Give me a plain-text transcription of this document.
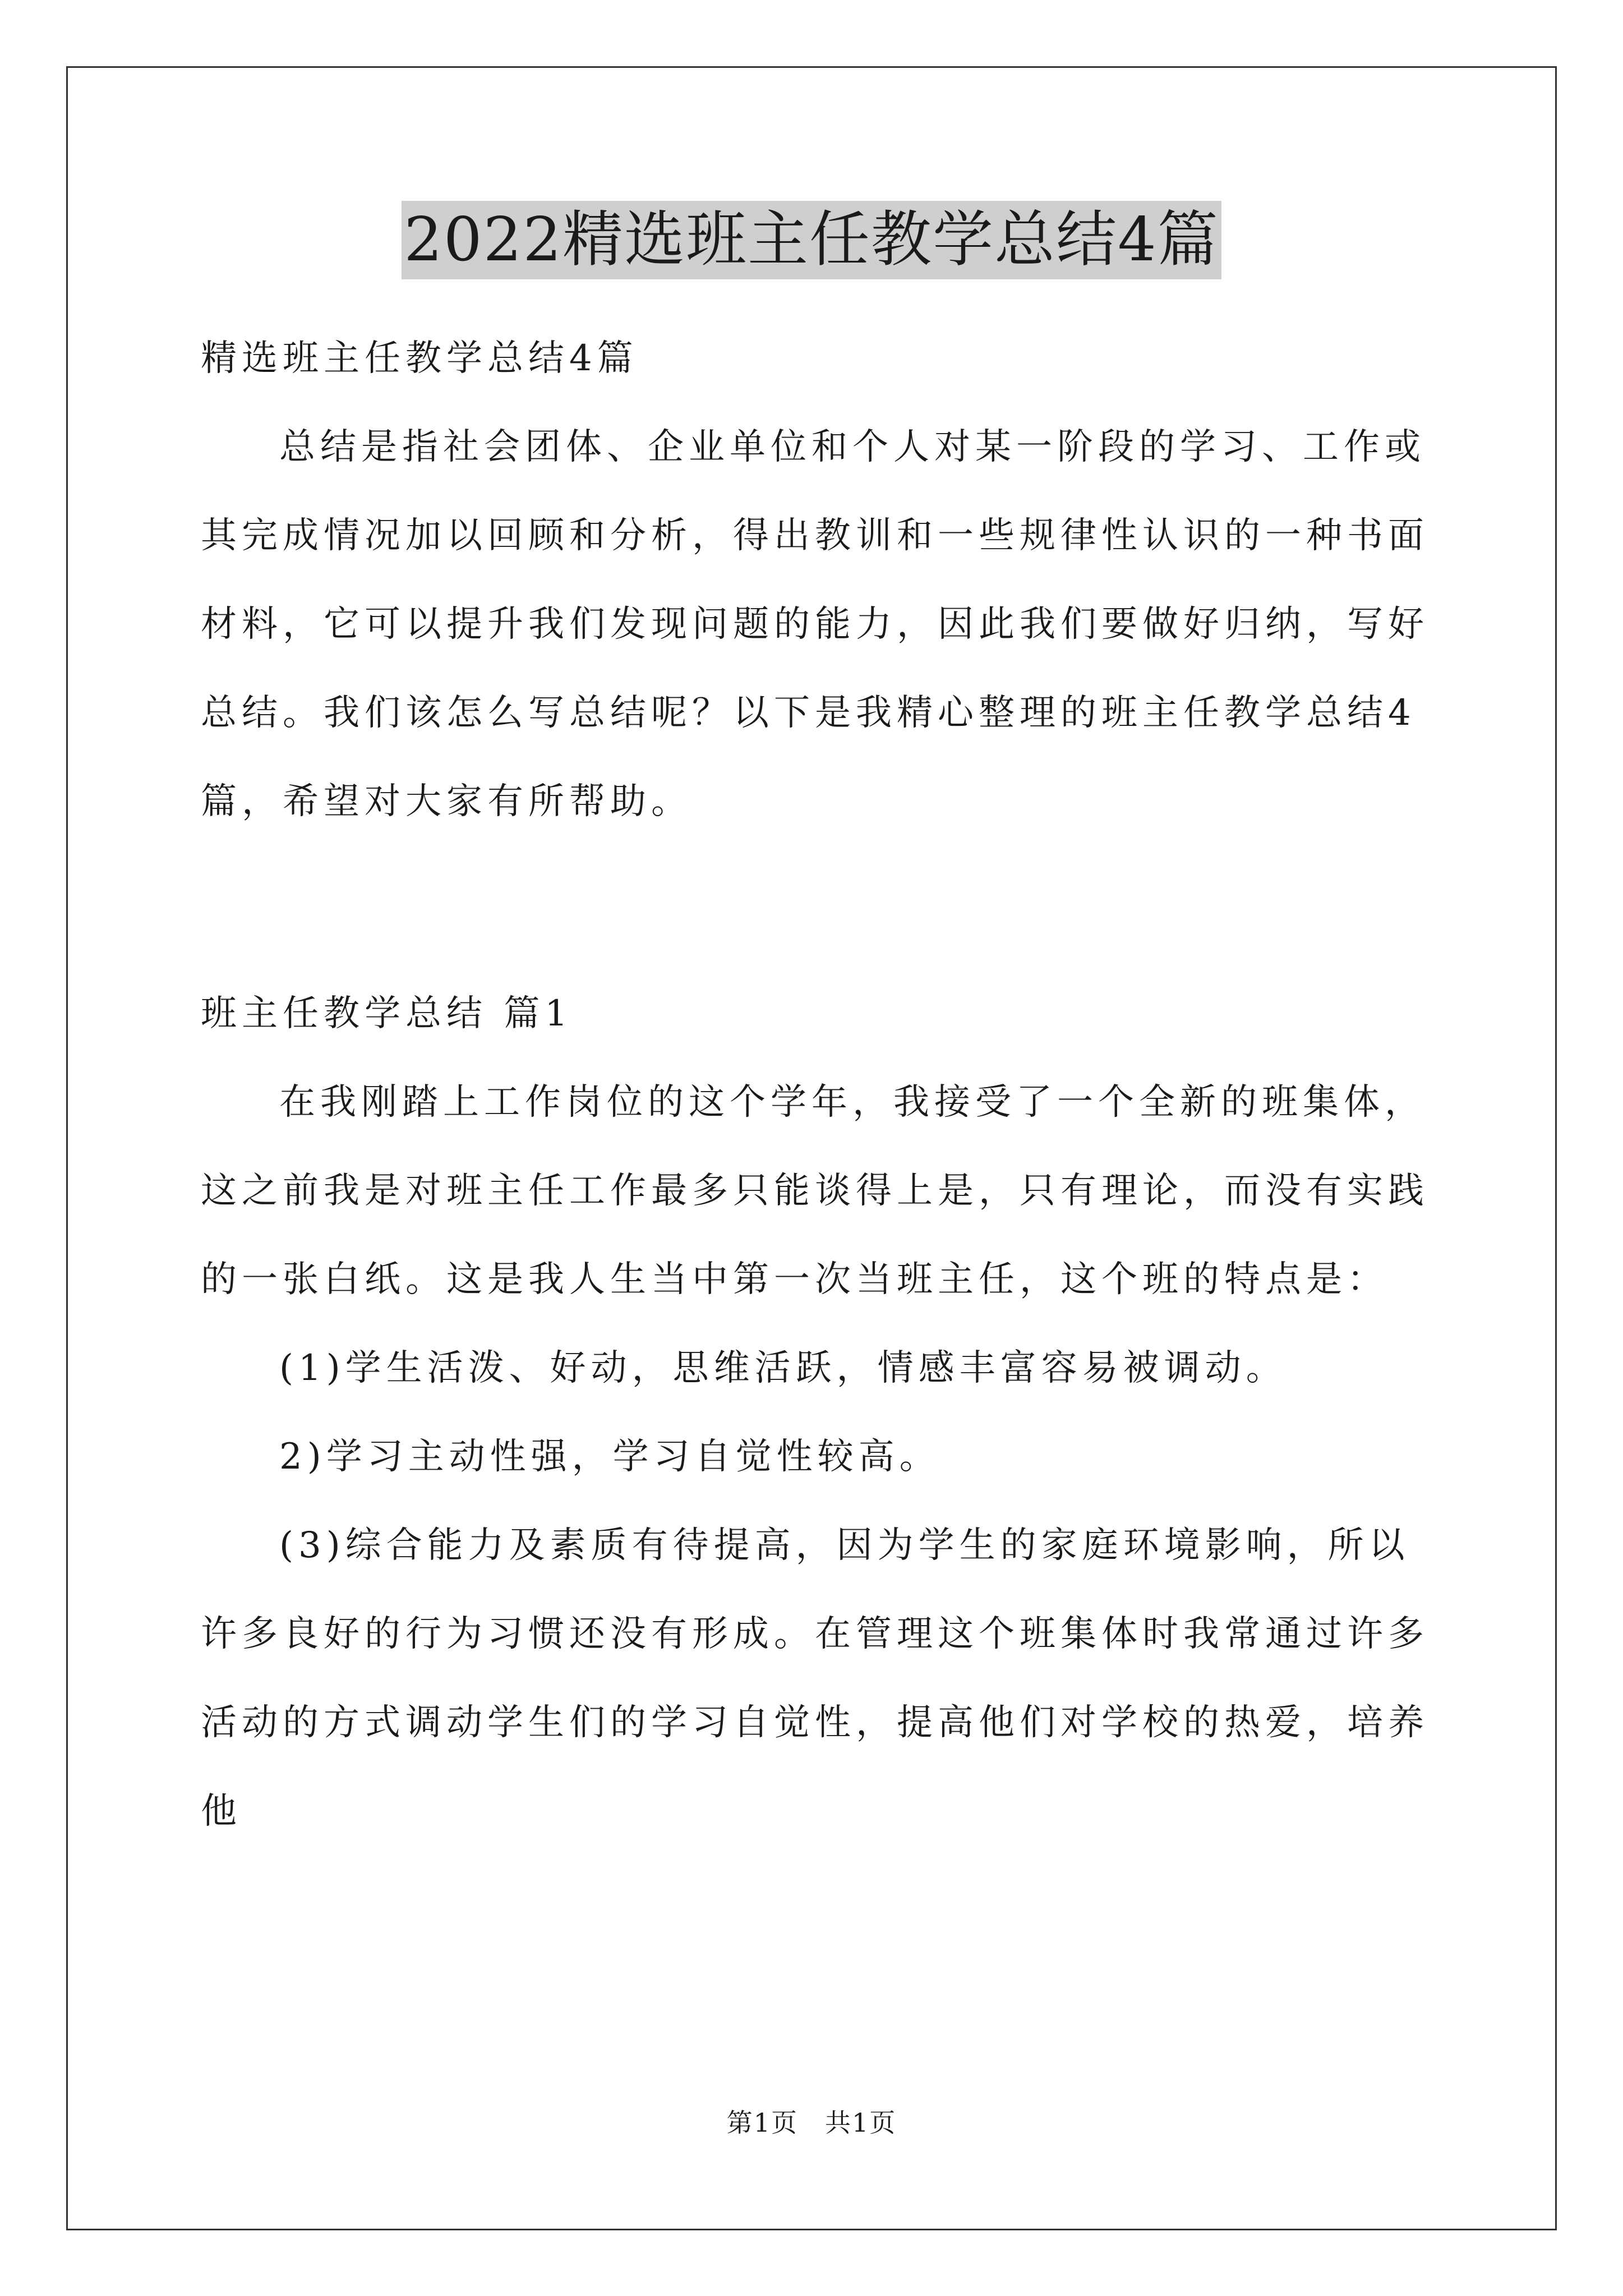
2022精选班主任教学总结4篇

精选班主任教学总结4篇

总结是指社会团体、企业单位和个人对某一阶段的学习、工作或其完成情况加以回顾和分析，得出教训和一些规律性认识的一种书面材料，它可以提升我们发现问题的能力，因此我们要做好归纳，写好总结。我们该怎么写总结呢？以下是我精心整理的班主任教学总结4篇，希望对大家有所帮助。

班主任教学总结 篇1

在我刚踏上工作岗位的这个学年，我接受了一个全新的班集体，这之前我是对班主任工作最多只能谈得上是，只有理论，而没有实践的一张白纸。这是我人生当中第一次当班主任，这个班的特点是：

(1)学生活泼、好动，思维活跃，情感丰富容易被调动。

2)学习主动性强，学习自觉性较高。

(3)综合能力及素质有待提高，因为学生的家庭环境影响，所以许多良好的行为习惯还没有形成。在管理这个班集体时我常通过许多活动的方式调动学生们的学习自觉性，提高他们对学校的热爱，培养他

第1页 共1页
